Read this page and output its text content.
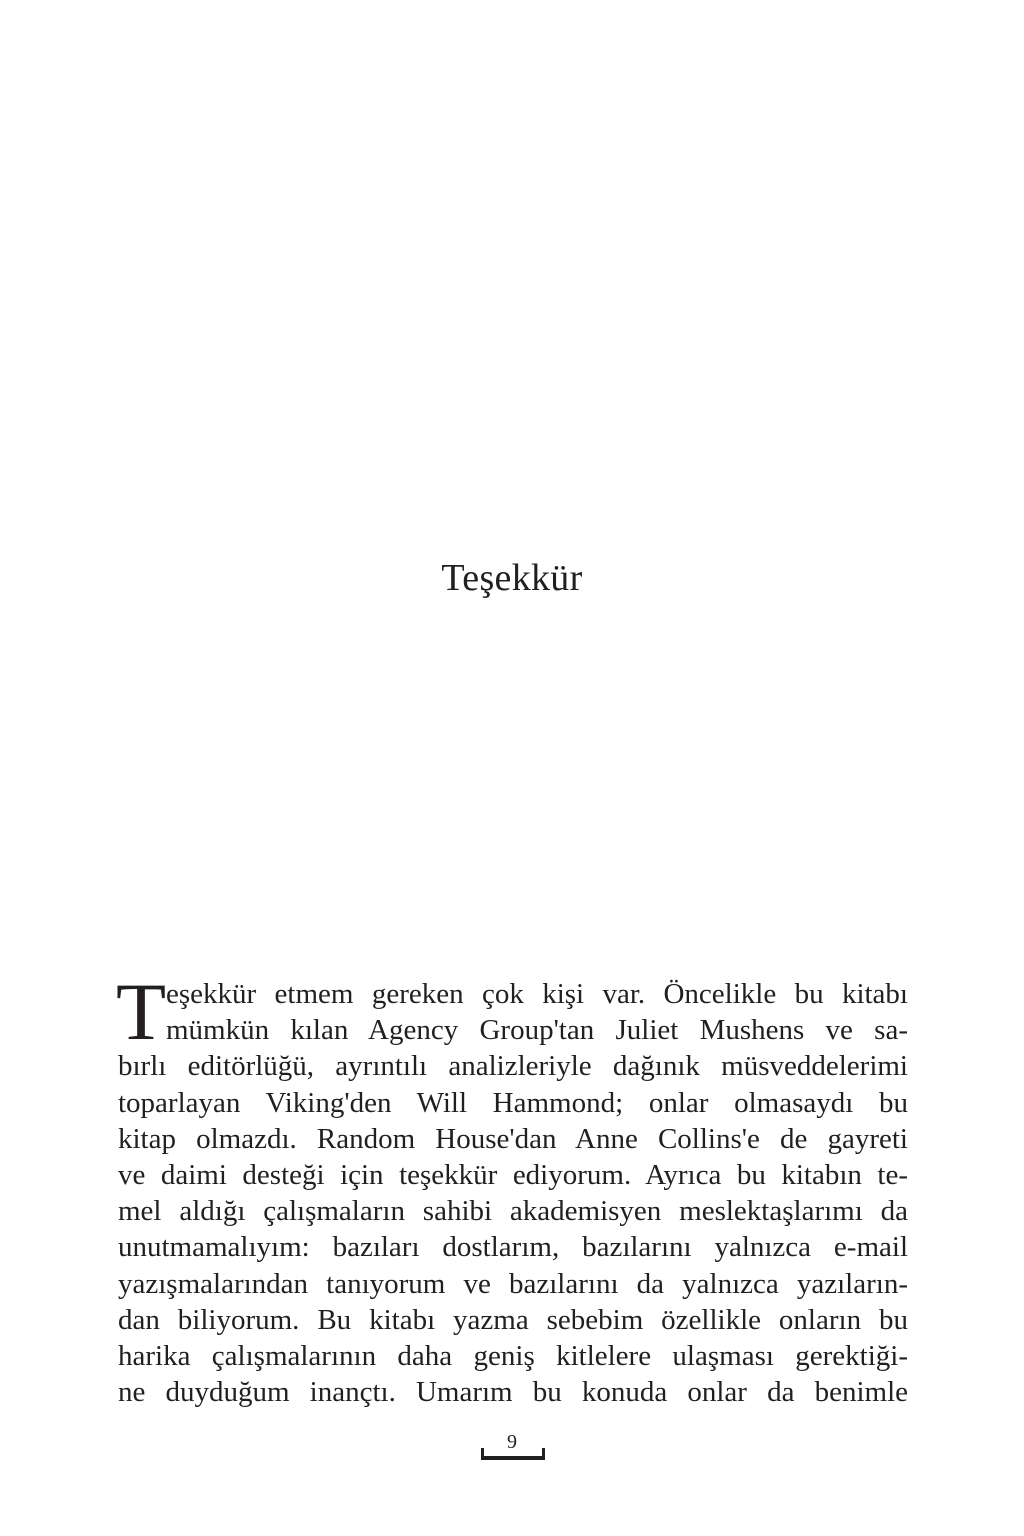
Teşekkür
T eşekkür etmem gereken çok kişi var. Öncelikle bu kitabı
mümkün kılan Agency Group'tan Juliet Mushens ve sa-
bırlı editörlüğü, ayrıntılı analizleriyle dağınık müsveddelerimi
toparlayan Viking'den Will Hammond; onlar olmasaydı bu
kitap olmazdı. Random House'dan Anne Collins'e de gayreti
ve daimi desteği için teşekkür ediyorum. Ayrıca bu kitabın te-
mel aldığı çalışmaların sahibi akademisyen meslektaşlarımı da
unutmamalıyım: bazıları dostlarım, bazılarını yalnızca e-mail
yazışmalarından tanıyorum ve bazılarını da yalnızca yazıların-
dan biliyorum. Bu kitabı yazma sebebim özellikle onların bu
harika çalışmalarının daha geniş kitlelere ulaşması gerektiği-
ne duyduğum inançtı. Umarım bu konuda onlar da benimle
9
